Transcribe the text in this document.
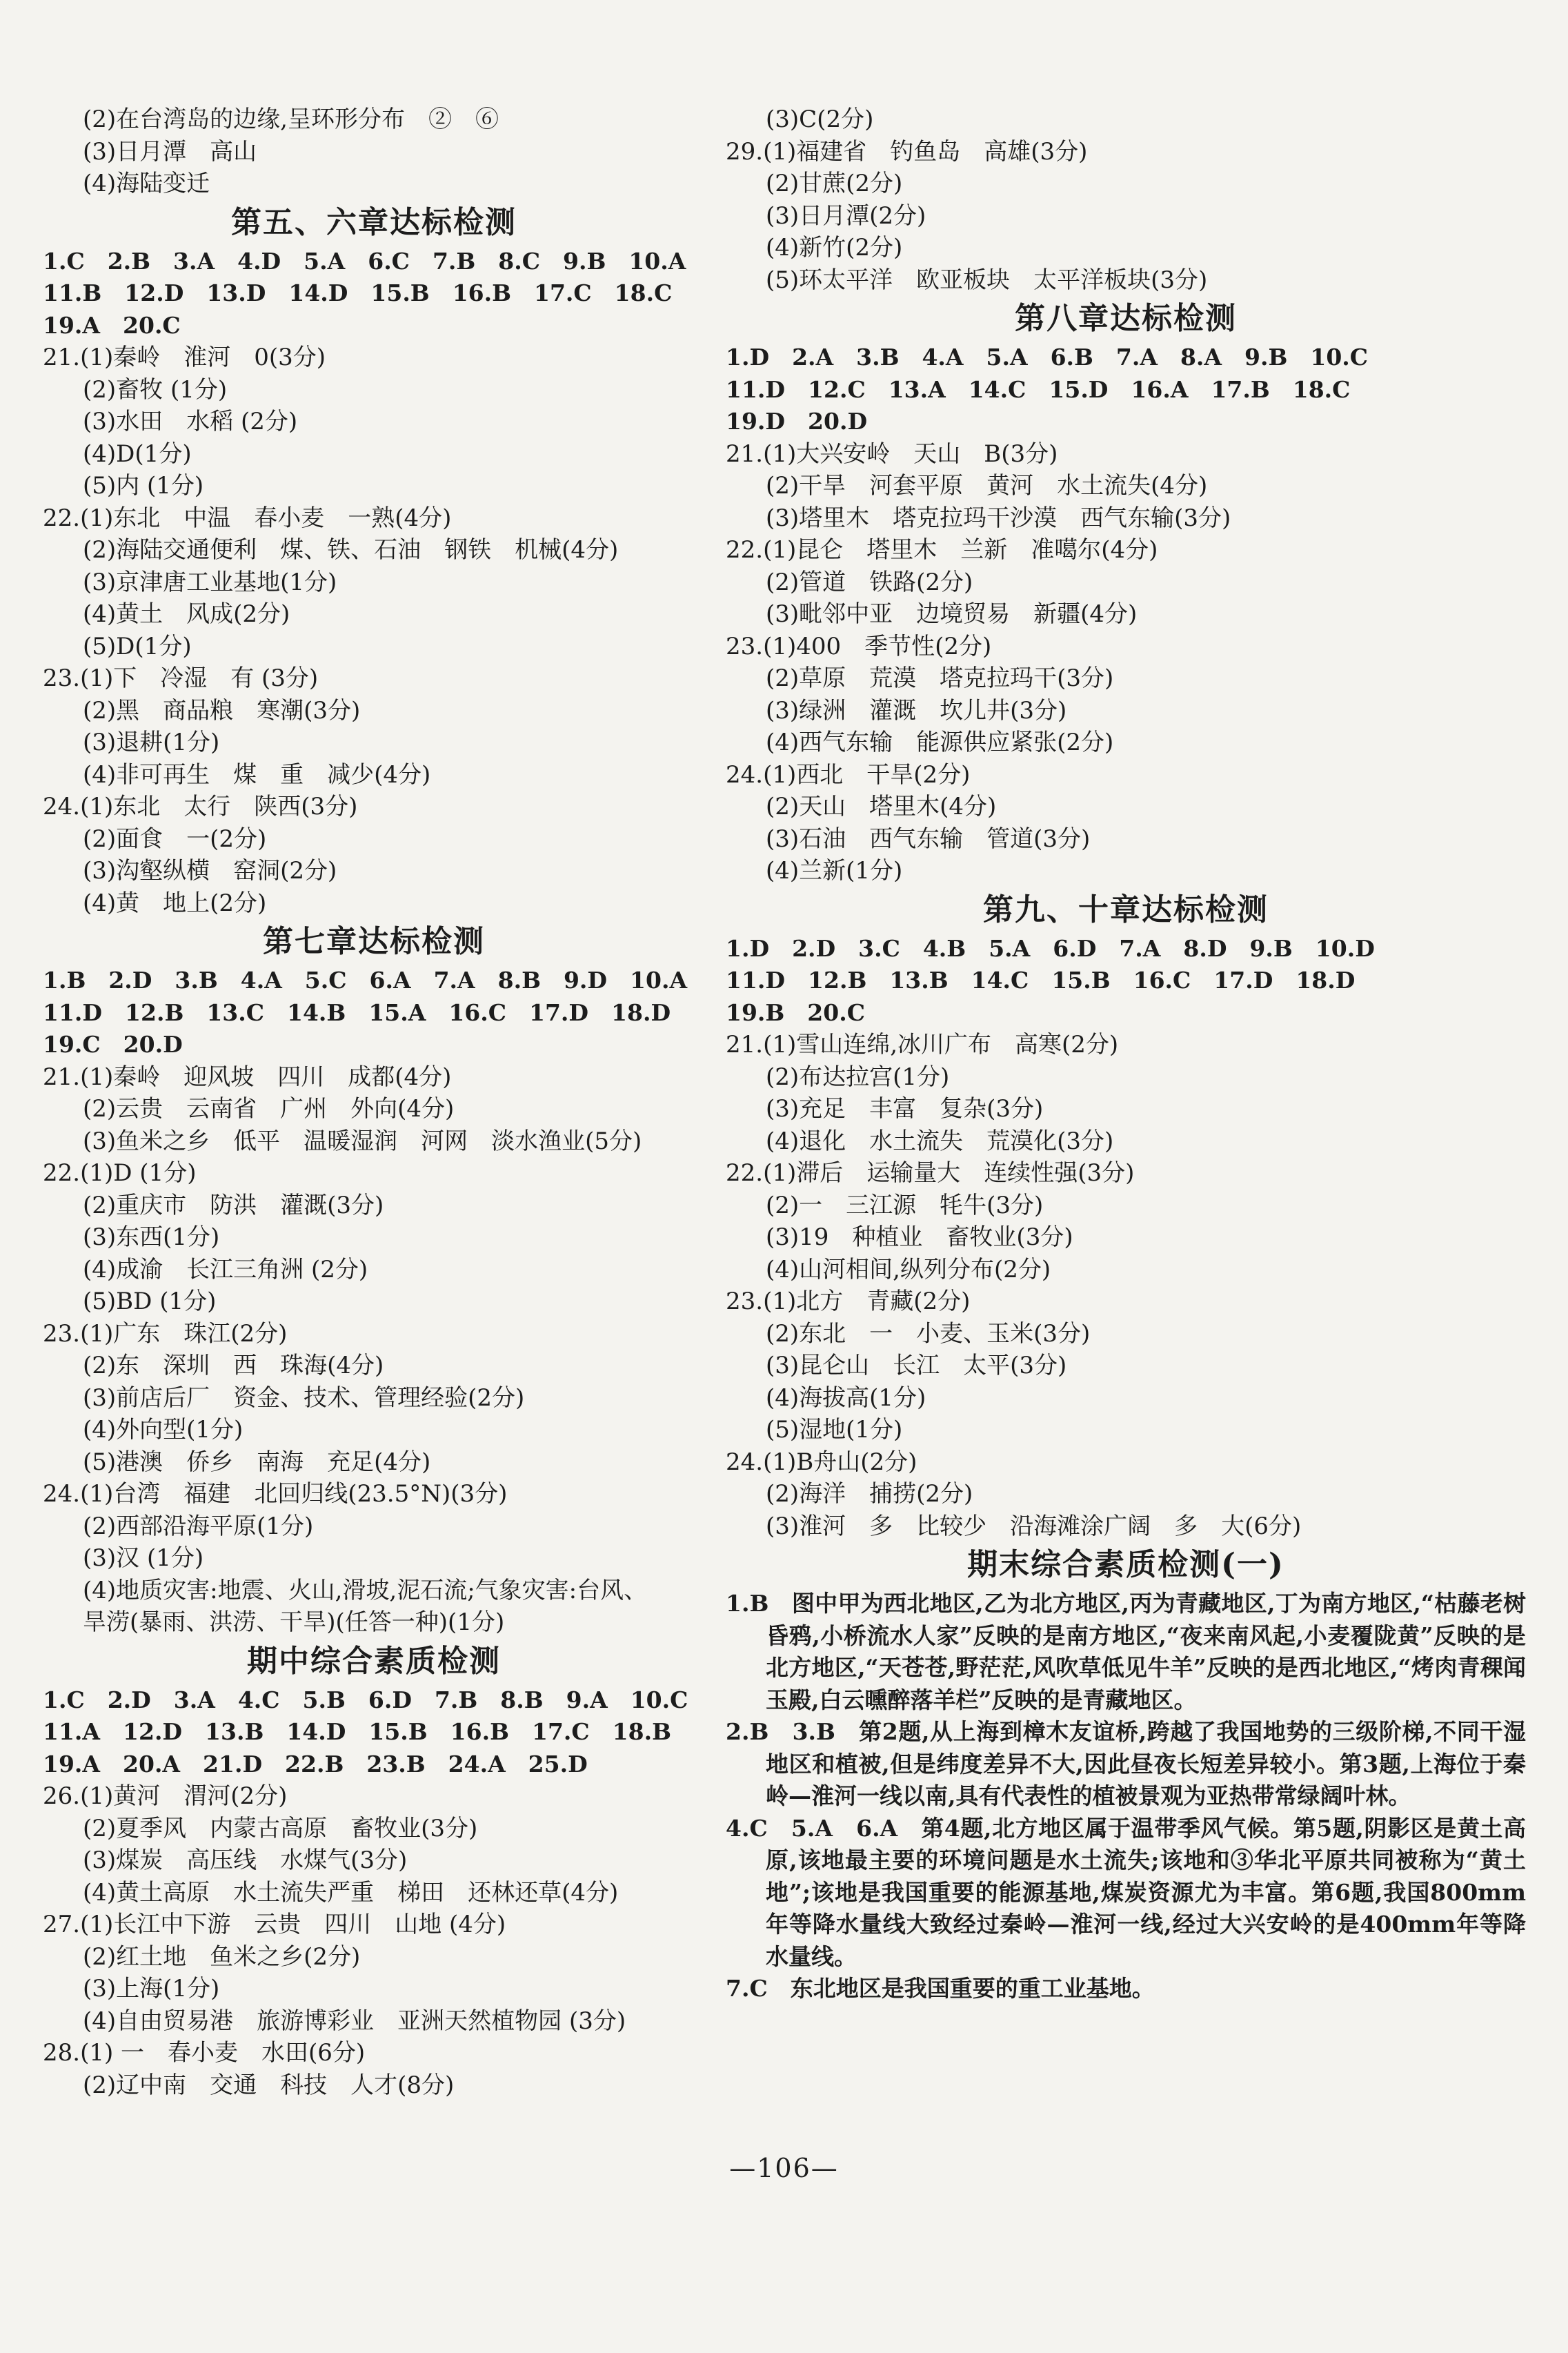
(2)在台湾岛的边缘,呈环形分布　②　⑥
(3)日月潭　高山
(4)海陆变迁
第五、六章达标检测
1.C　2.B　3.A　4.D　5.A　6.C　7.B　8.C　9.B　10.A
11.B　12.D　13.D　14.D　15.B　16.B　17.C　18.C
19.A　20.C
21.(1)秦岭　淮河　0(3分)
(2)畜牧 (1分)
(3)水田　水稻 (2分)
(4)D(1分)
(5)内 (1分)
22.(1)东北　中温　春小麦　一熟(4分)
(2)海陆交通便利　煤、铁、石油　钢铁　机械(4分)
(3)京津唐工业基地(1分)
(4)黄土　风成(2分)
(5)D(1分)
23.(1)下　冷湿　有 (3分)
(2)黑　商品粮　寒潮(3分)
(3)退耕(1分)
(4)非可再生　煤　重　减少(4分)
24.(1)东北　太行　陕西(3分)
(2)面食　一(2分)
(3)沟壑纵横　窑洞(2分)
(4)黄　地上(2分)
第七章达标检测
1.B　2.D　3.B　4.A　5.C　6.A　7.A　8.B　9.D　10.A
11.D　12.B　13.C　14.B　15.A　16.C　17.D　18.D
19.C　20.D
21.(1)秦岭　迎风坡　四川　成都(4分)
(2)云贵　云南省　广州　外向(4分)
(3)鱼米之乡　低平　温暖湿润　河网　淡水渔业(5分)
22.(1)D (1分)
(2)重庆市　防洪　灌溉(3分)
(3)东西(1分)
(4)成渝　长江三角洲 (2分)
(5)BD (1分)
23.(1)广东　珠江(2分)
(2)东　深圳　西　珠海(4分)
(3)前店后厂　资金、技术、管理经验(2分)
(4)外向型(1分)
(5)港澳　侨乡　南海　充足(4分)
24.(1)台湾　福建　北回归线(23.5°N)(3分)
(2)西部沿海平原(1分)
(3)汉 (1分)
(4)地质灾害:地震、火山,滑坡,泥石流;气象灾害:台风、
旱涝(暴雨、洪涝、干旱)(任答一种)(1分)
期中综合素质检测
1.C　2.D　3.A　4.C　5.B　6.D　7.B　8.B　9.A　10.C
11.A　12.D　13.B　14.D　15.B　16.B　17.C　18.B
19.A　20.A　21.D　22.B　23.B　24.A　25.D
26.(1)黄河　渭河(2分)
(2)夏季风　内蒙古高原　畜牧业(3分)
(3)煤炭　高压线　水煤气(3分)
(4)黄土高原　水土流失严重　梯田　还林还草(4分)
27.(1)长江中下游　云贵　四川　山地 (4分)
(2)红土地　鱼米之乡(2分)
(3)上海(1分)
(4)自由贸易港　旅游博彩业　亚洲天然植物园 (3分)
28.(1) 一　春小麦　水田(6分)
(2)辽中南　交通　科技　人才(8分)
(3)C(2分)
29.(1)福建省　钓鱼岛　高雄(3分)
(2)甘蔗(2分)
(3)日月潭(2分)
(4)新竹(2分)
(5)环太平洋　欧亚板块　太平洋板块(3分)
第八章达标检测
1.D　2.A　3.B　4.A　5.A　6.B　7.A　8.A　9.B　10.C
11.D　12.C　13.A　14.C　15.D　16.A　17.B　18.C
19.D　20.D
21.(1)大兴安岭　天山　B(3分)
(2)干旱　河套平原　黄河　水土流失(4分)
(3)塔里木　塔克拉玛干沙漠　西气东输(3分)
22.(1)昆仑　塔里木　兰新　准噶尔(4分)
(2)管道　铁路(2分)
(3)毗邻中亚　边境贸易　新疆(4分)
23.(1)400　季节性(2分)
(2)草原　荒漠　塔克拉玛干(3分)
(3)绿洲　灌溉　坎儿井(3分)
(4)西气东输　能源供应紧张(2分)
24.(1)西北　干旱(2分)
(2)天山　塔里木(4分)
(3)石油　西气东输　管道(3分)
(4)兰新(1分)
第九、十章达标检测
1.D　2.D　3.C　4.B　5.A　6.D　7.A　8.D　9.B　10.D
11.D　12.B　13.B　14.C　15.B　16.C　17.D　18.D
19.B　20.C
21.(1)雪山连绵,冰川广布　高寒(2分)
(2)布达拉宫(1分)
(3)充足　丰富　复杂(3分)
(4)退化　水土流失　荒漠化(3分)
22.(1)滞后　运输量大　连续性强(3分)
(2)一　三江源　牦牛(3分)
(3)19　种植业　畜牧业(3分)
(4)山河相间,纵列分布(2分)
23.(1)北方　青藏(2分)
(2)东北　一　小麦、玉米(3分)
(3)昆仑山　长江　太平(3分)
(4)海拔高(1分)
(5)湿地(1分)
24.(1)B舟山(2分)
(2)海洋　捕捞(2分)
(3)淮河　多　比较少　沿海滩涂广阔　多　大(6分)
期末综合素质检测(一)
1.B　图中甲为西北地区,乙为北方地区,丙为青藏地区,丁为南方地区,“枯藤老树昏鸦,小桥流水人家”反映的是南方地区,“夜来南风起,小麦覆陇黄”反映的是北方地区,“天苍苍,野茫茫,风吹草低见牛羊”反映的是西北地区,“烤肉青稞闻玉殿,白云曛醉落羊栏”反映的是青藏地区。
2.B　3.B　第2题,从上海到樟木友谊桥,跨越了我国地势的三级阶梯,不同干湿地区和植被,但是纬度差异不大,因此昼夜长短差异较小。第3题,上海位于秦岭—淮河一线以南,具有代表性的植被景观为亚热带常绿阔叶林。
4.C　5.A　6.A　第4题,北方地区属于温带季风气候。第5题,阴影区是黄土高原,该地最主要的环境问题是水土流失;该地和③华北平原共同被称为“黄土地”;该地是我国重要的能源基地,煤炭资源尤为丰富。第6题,我国800mm年等降水量线大致经过秦岭—淮河一线,经过大兴安岭的是400mm年等降水量线。
7.C　东北地区是我国重要的重工业基地。
—106—
